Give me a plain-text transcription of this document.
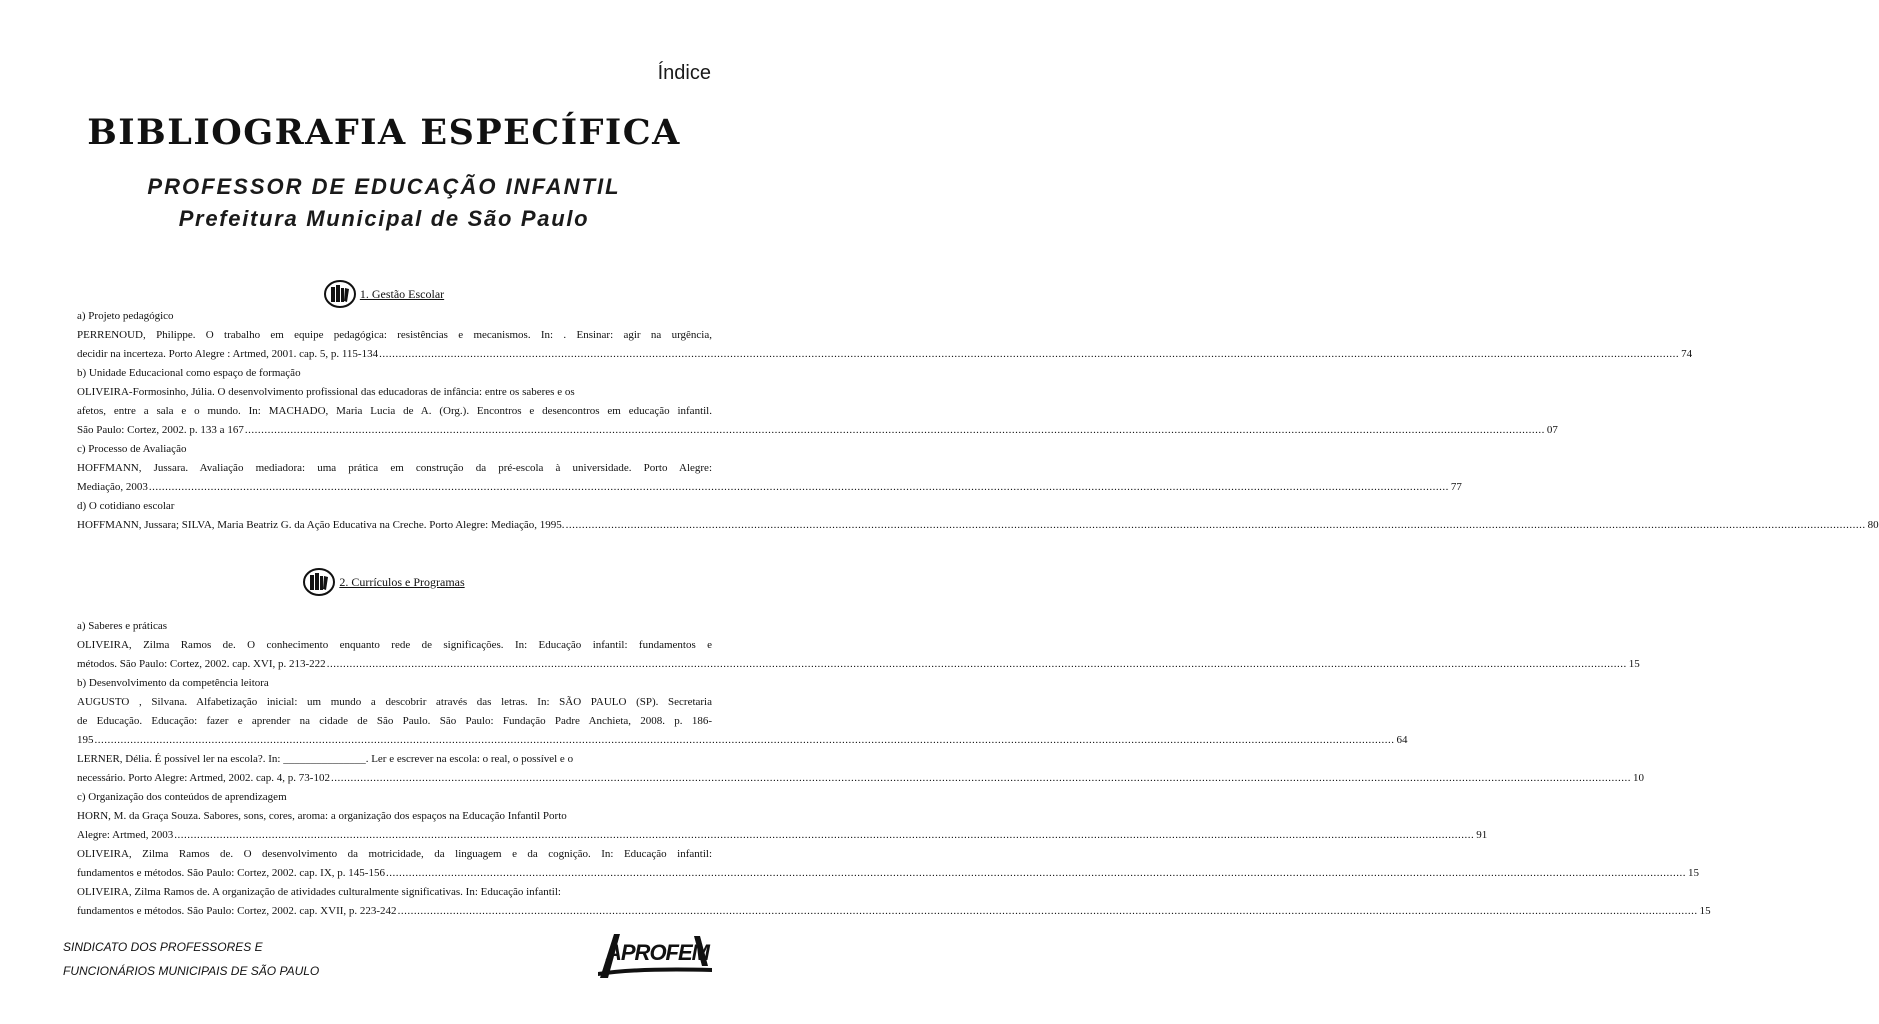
Índice
BIBLIOGRAFIA ESPECÍFICA
PROFESSOR DE EDUCAÇÃO INFANTIL
Prefeitura Municipal de São Paulo
1. Gestão Escolar
a) Projeto pedagógico
PERRENOUD, Philippe. O trabalho em equipe pedagógica: resistências e mecanismos. In: . Ensinar: agir na urgência,
decidir na incerteza. Porto Alegre : Artmed, 2001. cap. 5, p. 115-134 ................................................................................................................................................................................................................................................................................................................................................................................................................ 74
b) Unidade Educacional como espaço de formação
OLIVEIRA-Formosinho, Júlia. O desenvolvimento profissional das educadoras de infância: entre os saberes e os
afetos, entre a sala e o mundo. In: MACHADO, Maria Lucia de A. (Org.). Encontros e desencontros em educação infantil.
São Paulo: Cortez, 2002. p. 133 a 167 ................................................................................................................................................................................................................................................................................................................................................................................................................ 07
c) Processo de Avaliação
HOFFMANN, Jussara. Avaliação mediadora: uma prática em construção da pré-escola à universidade. Porto Alegre:
Mediação, 2003 ................................................................................................................................................................................................................................................................................................................................................................................................................ 77
d) O cotidiano escolar
HOFFMANN, Jussara; SILVA, Maria Beatriz G. da Ação Educativa na Creche. Porto Alegre: Mediação, 1995. ................................................................................................................................................................................................................................................................................................................................................................................................................ 80
2. Currículos e Programas
a) Saberes e práticas
OLIVEIRA, Zilma Ramos de. O conhecimento enquanto rede de significações. In: Educação infantil: fundamentos e
métodos. São Paulo: Cortez, 2002. cap. XVI, p. 213-222 ................................................................................................................................................................................................................................................................................................................................................................................................................ 15
b) Desenvolvimento da competência leitora
AUGUSTO , Silvana. Alfabetização inicial: um mundo a descobrir através das letras. In: SÃO PAULO (SP). Secretaria
de Educação. Educação: fazer e aprender na cidade de São Paulo. São Paulo: Fundação Padre Anchieta, 2008. p. 186-
195 ................................................................................................................................................................................................................................................................................................................................................................................................................ 64
LERNER, Délia. É possível ler na escola?. In: _______________. Ler e escrever na escola: o real, o possível e o
necessário. Porto Alegre: Artmed, 2002. cap. 4, p. 73-102 ................................................................................................................................................................................................................................................................................................................................................................................................................ 10
c) Organização dos conteúdos de aprendizagem
HORN, M. da Graça Souza. Sabores, sons, cores, aroma: a organização dos espaços na Educação Infantil Porto
Alegre: Artmed, 2003 ................................................................................................................................................................................................................................................................................................................................................................................................................ 91
OLIVEIRA, Zilma Ramos de. O desenvolvimento da motricidade, da linguagem e da cognição. In: Educação infantil:
fundamentos e métodos. São Paulo: Cortez, 2002. cap. IX, p. 145-156 ................................................................................................................................................................................................................................................................................................................................................................................................................ 15
OLIVEIRA, Zilma Ramos de. A organização de atividades culturalmente significativas. In: Educação infantil:
fundamentos e métodos. São Paulo: Cortez, 2002. cap. XVII, p. 223-242 ................................................................................................................................................................................................................................................................................................................................................................................................................ 15
SINDICATO DOS PROFESSORES E
FUNCIONÁRIOS MUNICIPAIS DE SÃO PAULO
APROFEM
